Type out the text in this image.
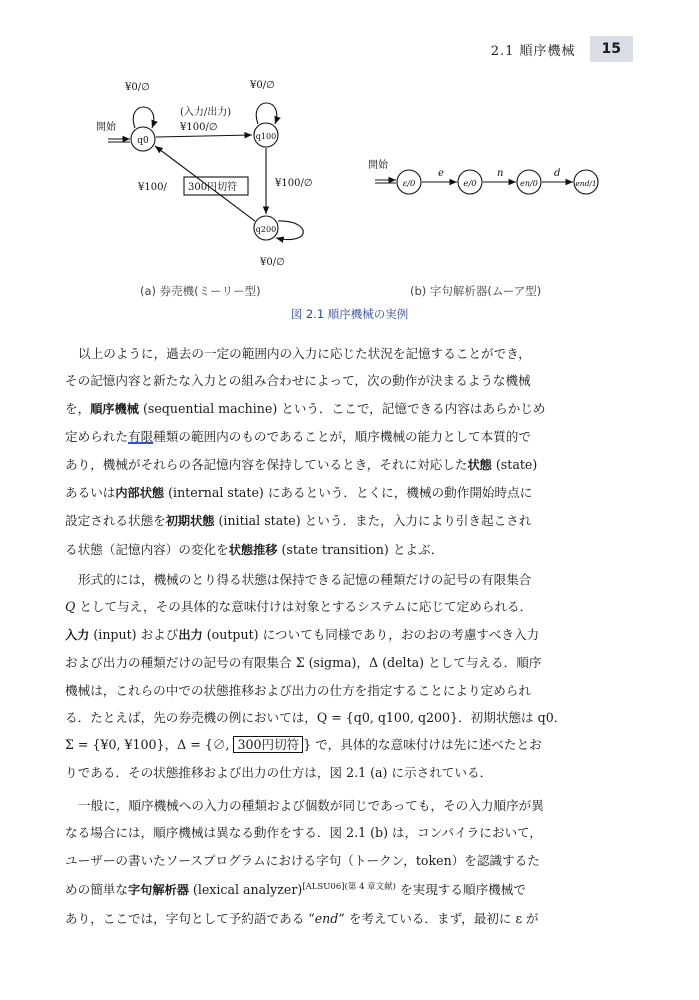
2.1 順序機械	15
開始
q0
¥0/∅
q100
¥0/∅
(入力/出力)
¥100/∅
q200
¥100/∅
¥0/∅
¥100/ 300円切符
開始
ε/0
e
e/0
n
en/0
d
end/1
(a) 券売機(ミーリー型)	(b) 字句解析器(ムーア型)
図 2.1 順序機械の実例
以上のように，過去の一定の範囲内の入力に応じた状況を記憶することができ，
その記憶内容と新たな入力との組み合わせによって，次の動作が決まるような機械
を，順序機械 (sequential machine) という．ここで，記憶できる内容はあらかじめ
定められた有限種類の範囲内のものであることが，順序機械の能力として本質的で
あり，機械がそれらの各記憶内容を保持しているとき，それに対応した状態 (state)
あるいは内部状態 (internal state) にあるという．とくに，機械の動作開始時点に
設定される状態を初期状態 (initial state) という．また，入力により引き起こされ
る状態（記憶内容）の変化を状態推移 (state transition) とよぶ．
形式的には，機械のとり得る状態は保持できる記憶の種類だけの記号の有限集合
Q として与え，その具体的な意味付けは対象とするシステムに応じて定められる．
入力 (input) および出力 (output) についても同様であり，おのおの考慮すべき入力
および出力の種類だけの記号の有限集合 Σ (sigma)，Δ (delta) として与える．順序
機械は，これらの中での状態推移および出力の仕方を指定することにより定められ
る．たとえば，先の券売機の例においては，Q = {q0, q100, q200}．初期状態は q0．
Σ = {¥0, ¥100}，Δ = {∅, 300円切符 } で，具体的な意味付けは先に述べたとお
りである．その状態推移および出力の仕方は，図 2.1 (a) に示されている．
一般に，順序機械への入力の種類および個数が同じであっても，その入力順序が異
なる場合には，順序機械は異なる動作をする．図 2.1 (b) は，コンパイラにおいて，
ユーザーの書いたソースプログラムにおける字句（トークン，token）を認識するた
めの簡単な字句解析器 (lexical analyzer)$^{[ALSU06](第 4 章文献)}$ を実現する順序機械で
あり，ここでは，字句として予約語である “end” を考えている．まず，最初に ε が
